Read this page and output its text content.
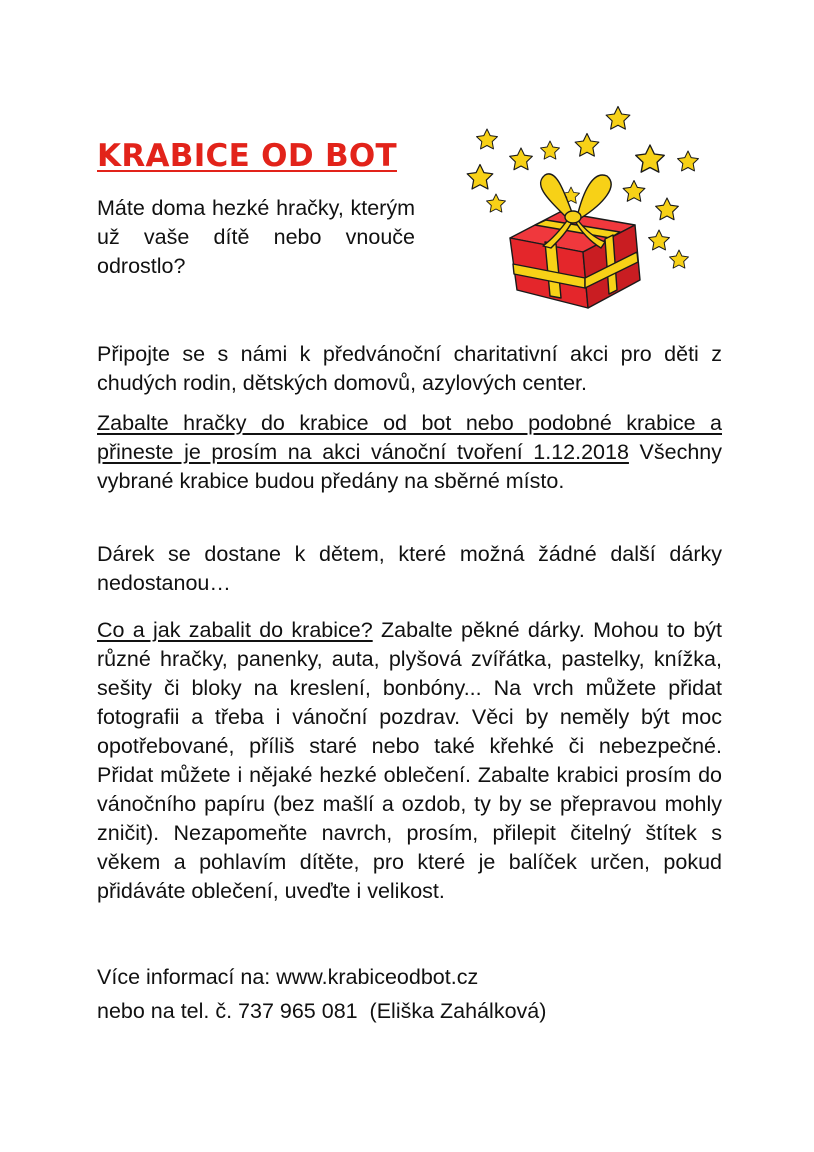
KRABICE OD BOT

Máte doma hezké hračky, kterým už vaše dítě nebo vnouče odrostlo?

Připojte se s námi k předvánoční charitativní akci pro děti z chudých rodin, dětských domovů, azylových center.

Zabalte hračky do krabice od bot nebo podobné krabice a přineste je prosím na akci vánoční tvoření 1.12.2018 Všechny vybrané krabice budou předány na sběrné místo.

Dárek se dostane k dětem, které možná žádné další dárky nedostanou…

Co a jak zabalit do krabice? Zabalte pěkné dárky. Mohou to být různé hračky, panenky, auta, plyšová zvířátka, pastelky, knížka, sešity či bloky na kreslení, bonbóny... Na vrch můžete přidat fotografii a třeba i vánoční pozdrav. Věci by neměly být moc opotřebované, příliš staré nebo také křehké či nebezpečné. Přidat můžete i nějaké hezké oblečení. Zabalte krabici prosím do vánočního papíru (bez mašlí a ozdob, ty by se přepravou mohly zničit). Nezapomeňte navrch, prosím, přilepit čitelný štítek s věkem a pohlavím dítěte, pro které je balíček určen, pokud přidáváte oblečení, uveďte i velikost.

Více informací na: www.krabiceodbot.cz

nebo na tel. č. 737 965 081  (Eliška Zahálková)
